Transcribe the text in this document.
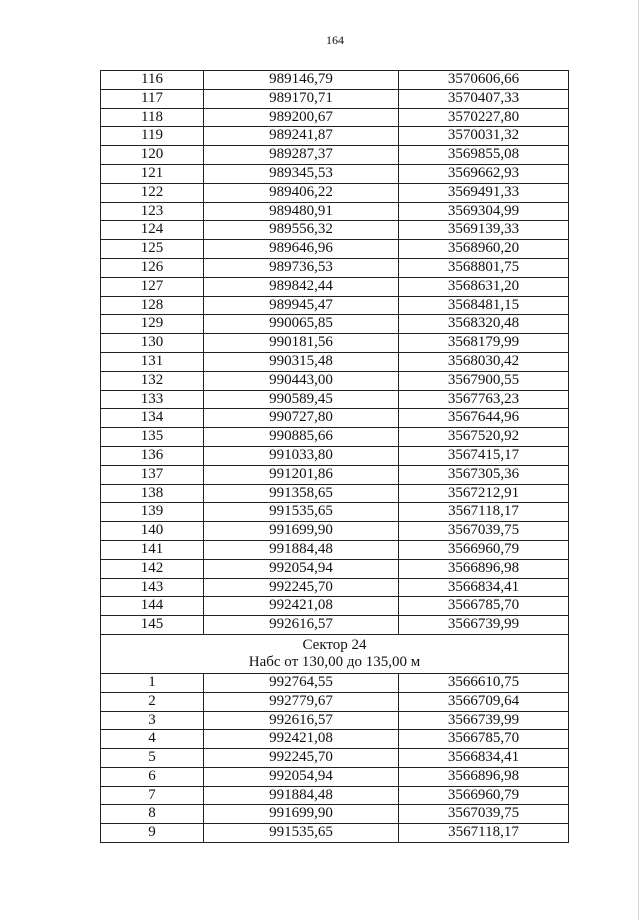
164
116	989146,79	3570606,66
117	989170,71	3570407,33
118	989200,67	3570227,80
119	989241,87	3570031,32
120	989287,37	3569855,08
121	989345,53	3569662,93
122	989406,22	3569491,33
123	989480,91	3569304,99
124	989556,32	3569139,33
125	989646,96	3568960,20
126	989736,53	3568801,75
127	989842,44	3568631,20
128	989945,47	3568481,15
129	990065,85	3568320,48
130	990181,56	3568179,99
131	990315,48	3568030,42
132	990443,00	3567900,55
133	990589,45	3567763,23
134	990727,80	3567644,96
135	990885,66	3567520,92
136	991033,80	3567415,17
137	991201,86	3567305,36
138	991358,65	3567212,91
139	991535,65	3567118,17
140	991699,90	3567039,75
141	991884,48	3566960,79
142	992054,94	3566896,98
143	992245,70	3566834,41
144	992421,08	3566785,70
145	992616,57	3566739,99

Сектор 24
Набс от 130,00 до 135,00 м		

1	992764,55	3566610,75
2	992779,67	3566709,64
3	992616,57	3566739,99
4	992421,08	3566785,70
5	992245,70	3566834,41
6	992054,94	3566896,98
7	991884,48	3566960,79
8	991699,90	3567039,75
9	991535,65	3567118,17
